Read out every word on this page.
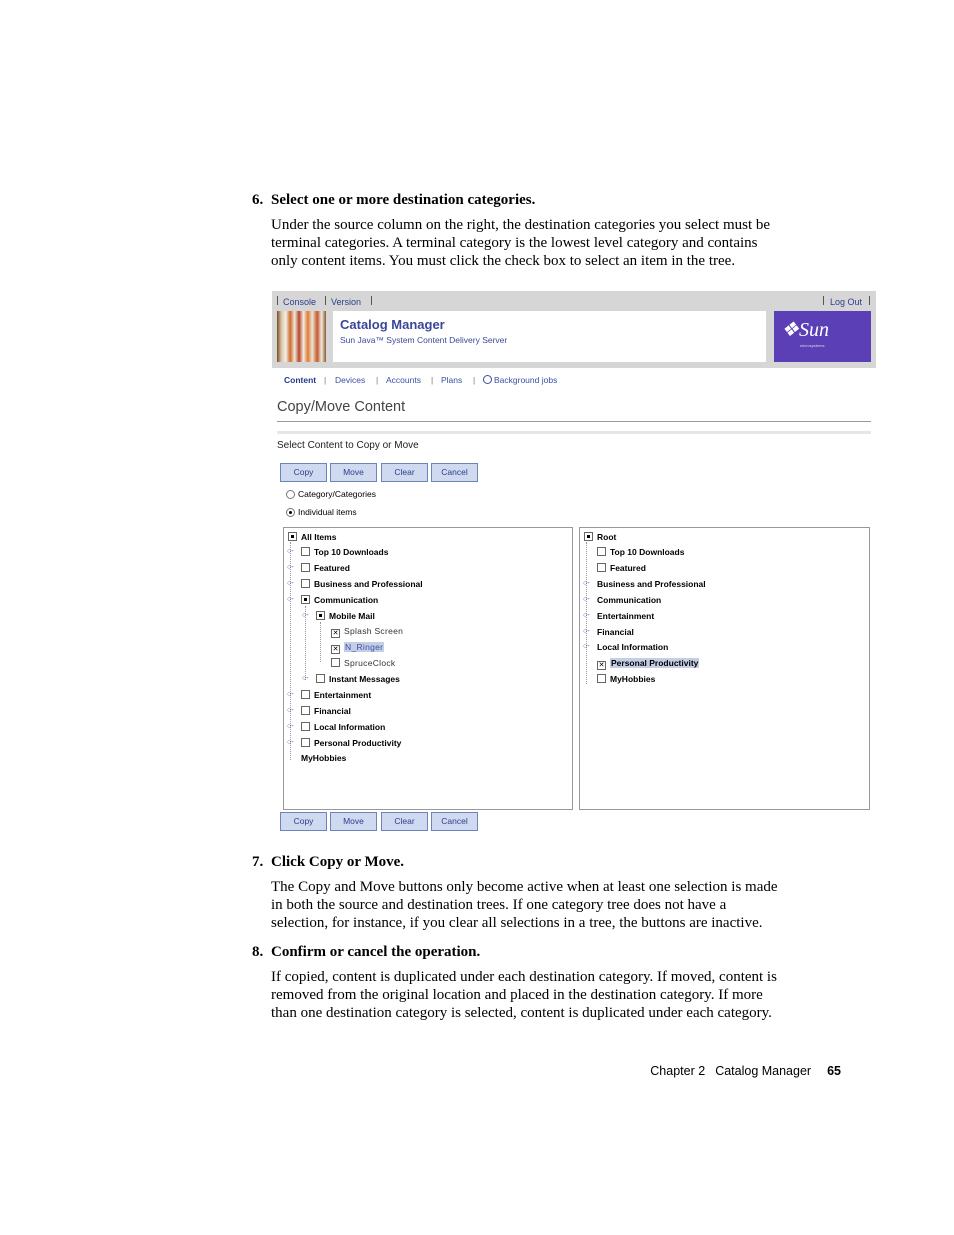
6. Select one or more destination categories.
Under the source column on the right, the destination categories you select must be
terminal categories. A terminal category is the lowest level category and contains
only content items. You must click the check box to select an item in the tree.
Console Version	Log Out
Catalog Manager
Sun Java™ System Content Delivery Server	❖Sun
microsystems
Content | Devices | Accounts | Plans |	Background jobs
Copy/Move Content
Select Content to Copy or Move
Copy	Move	Clear	Cancel
Category/Categories
Individual items
All Items
○-	Top 10 Downloads
○-	Featured
○-	Business and Professional
○-	Communication
○-	Mobile Mail
✕ Splash Screen
✕ N_Ringer
SpruceClock
○-	Instant Messages
○-	Entertainment
○-	Financial
○-	Local Information
○-	Personal Productivity
MyHobbies
Root
Top 10 Downloads
Featured
○- Business and Professional
○- Communication
○- Entertainment
○- Financial
○- Local Information
✕ Personal Productivity
MyHobbies
Copy	Move	Clear	Cancel
7. Click Copy or Move.
The Copy and Move buttons only become active when at least one selection is made
in both the source and destination trees. If one category tree does not have a
selection, for instance, if you clear all selections in a tree, the buttons are inactive.
8. Confirm or cancel the operation.
If copied, content is duplicated under each destination category. If moved, content is
removed from the original location and placed in the destination category. If more
than one destination category is selected, content is duplicated under each category.
Chapter 2 Catalog Manager 65
